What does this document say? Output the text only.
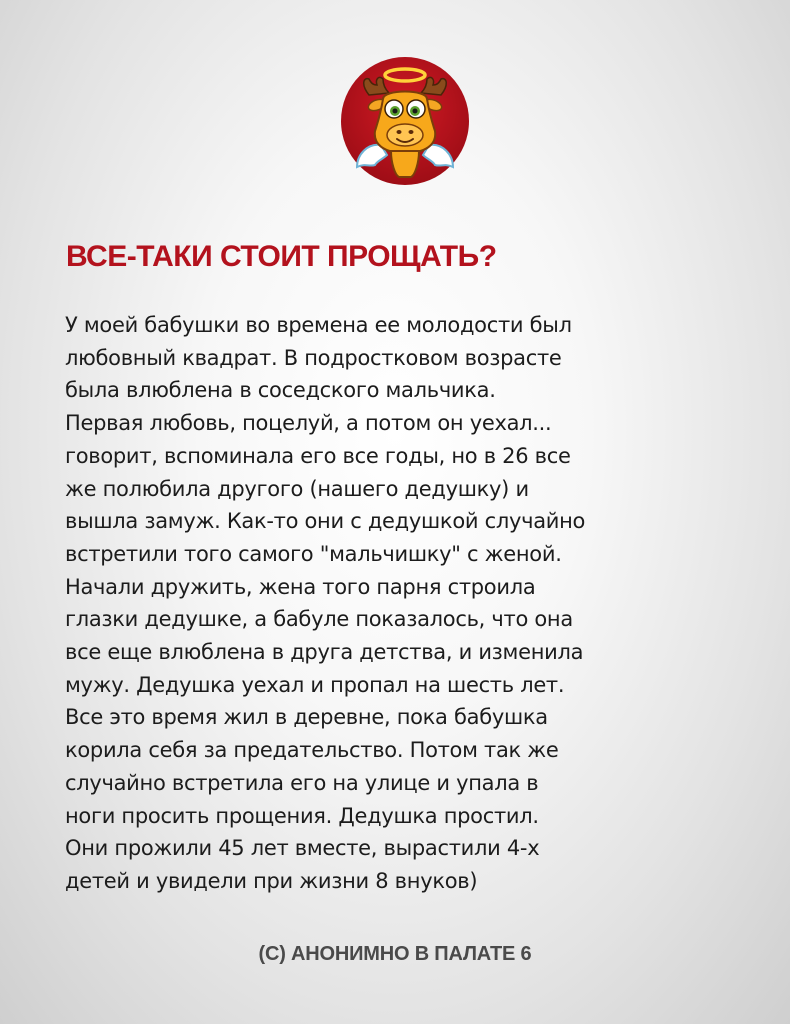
ВСЕ-ТАКИ СТОИТ ПРОЩАТЬ?
У моей бабушки во времена ее молодости был
любовный квадрат. В подростковом возрасте
была влюблена в соседского мальчика.
Первая любовь, поцелуй, а потом он уехал...
говорит, вспоминала его все годы, но в 26 все
же полюбила другого (нашего дедушку) и
вышла замуж. Как-то они с дедушкой случайно
встретили того самого "мальчишку" с женой.
Начали дружить, жена того парня строила
глазки дедушке, а бабуле показалось, что она
все еще влюблена в друга детства, и изменила
мужу. Дедушка уехал и пропал на шесть лет.
Все это время жил в деревне, пока бабушка
корила себя за предательство. Потом так же
случайно встретила его на улице и упала в
ноги просить прощения. Дедушка простил.
Они прожили 45 лет вместе, вырастили 4-х
детей и увидели при жизни 8 внуков)
(C) АНОНИМНО В ПАЛАТЕ 6
